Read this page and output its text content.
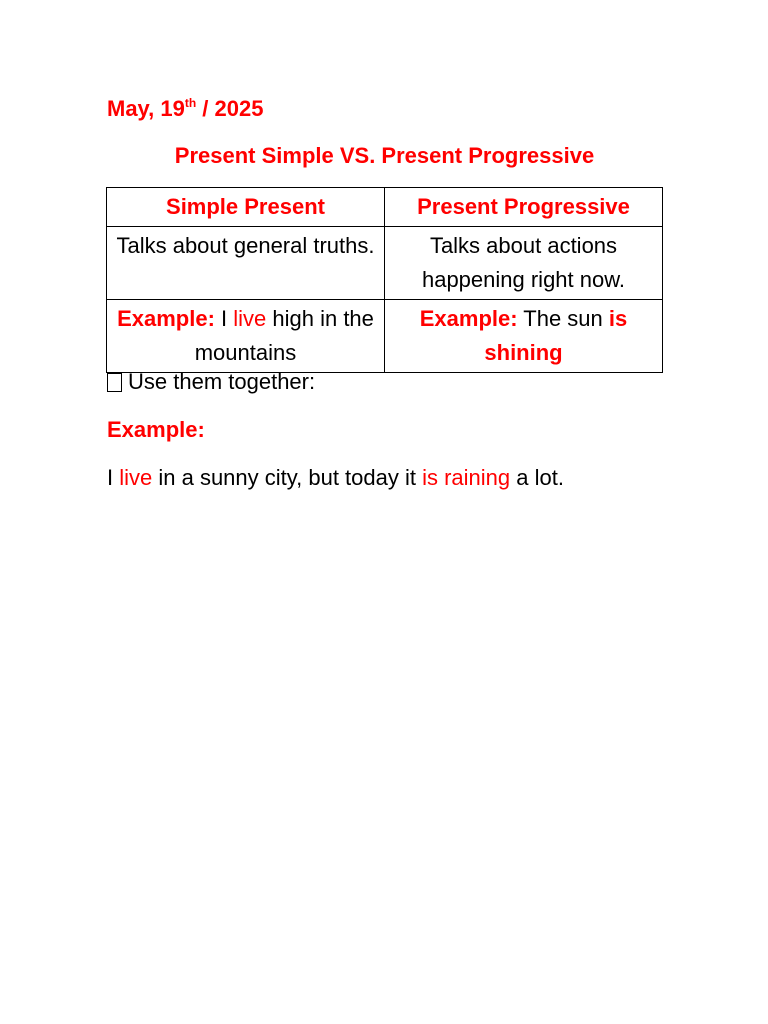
May, 19th / 2025
Present Simple VS. Present Progressive
Simple Present	Present Progressive
Talks about general truths.	Talks about actions happening right now.
Example: I live high in the mountains	Example: The sun is shining
Use them together:
Example:
I live in a sunny city, but today it is raining a lot.
